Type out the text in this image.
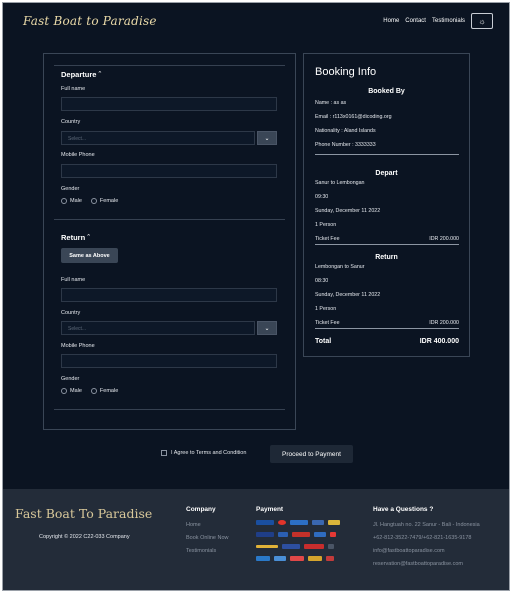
Fast Boat to Paradise	Home Contact Testimonials ☼
Departure ˆ
Full name
Country
Select...	⌄
Mobile Phone
Gender
Male	Female
Return ˆ
Same as Above
Full name
Country
Select...	⌄
Mobile Phone
Gender
Male	Female
Booking Info
Booked By
Name : as as
Email : r113x0161@dicoding.org
Nationality : Aland Islands
Phone Number : 3333333
Depart
Sanur to Lembongan
09:30
Sunday, December 11 2022
1 Person
Ticket Fee	IDR 200.000
Return
Lembongan to Sanur
08:30
Sunday, December 11 2022
1 Person
Ticket Fee	IDR 200.000
Total	IDR 400.000
I Agree to Terms and Condition	Proceed to Payment
Fast Boat To Paradise
Copyright © 2022 C22-033 Company
Company
Home
Book Online Now
Testimonials
Payment	Have a Questions ?
Jl. Hangtuah no. 22 Sanur - Bali - Indonesia
+62-812-3522-7479/+62-821-1635-9178
info@fastboattoparadise.com
reservation@fastboattoparadise.com
